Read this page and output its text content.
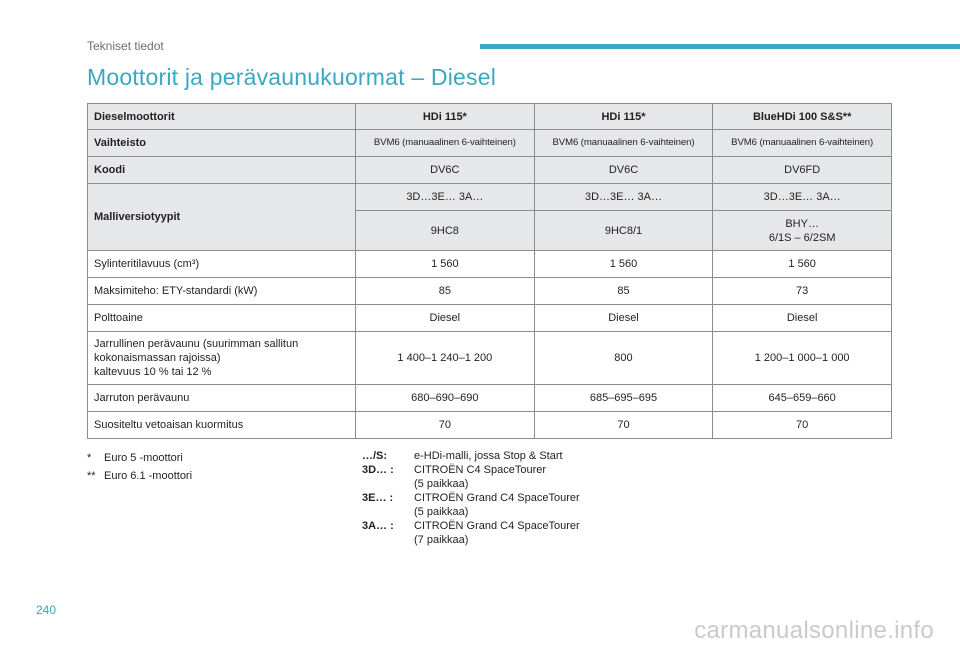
Tekniset tiedot
Moottorit ja perävaunukuormat – Diesel
Dieselmoottorit	HDi 115*	HDi 115*	BlueHDi 100 S&S**
Vaihteisto	BVM6 (manuaalinen 6-vaihteinen)	BVM6 (manuaalinen 6-vaihteinen)	BVM6 (manuaalinen 6-vaihteinen)
Koodi	DV6C	DV6C	DV6FD
Malliversiotyypit	3D…3E… 3A…	3D…3E… 3A…	3D…3E… 3A…
	9HC8	9HC8/1	BHY…
6/1S – 6/2SM

Sylinteritilavuus (cm³)	1 560	1 560	1 560
Maksimiteho: ETY-standardi (kW)	85	85	73
Polttoaine	Diesel	Diesel	Diesel

Jarrullinen perävaunu (suurimman sallitun
kokonaismassan rajoissa)
kaltevuus 10 % tai 12 %	1 400–1 240–1 200	800	1 200–1 000–1 000
Jarruton perävaunu	680–690–690	685–695–695	645–659–660
Suositeltu vetoaisan kuormitus	70	70	70
*	Euro 5 -moottori
** Euro 6.1 -moottori
…/S:	e-HDi-malli, jossa Stop & Start
3D… :	CITROËN C4 SpaceTourer
(5 paikkaa)
3E… :	CITROËN Grand C4 SpaceTourer
(5 paikkaa)
3A… :	CITROËN Grand C4 SpaceTourer
(7 paikkaa)
240
carmanualsonline.info
